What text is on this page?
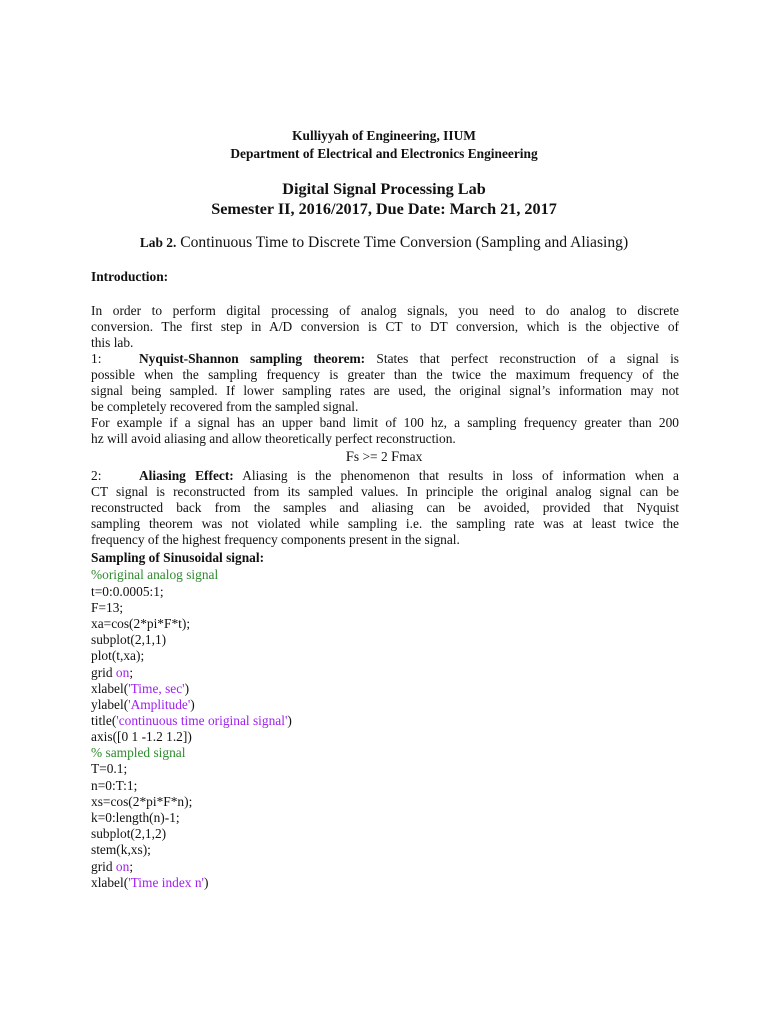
Kulliyyah of Engineering, IIUM
Department of Electrical and Electronics Engineering
Digital Signal Processing Lab
Semester II, 2016/2017, Due Date: March 21, 2017
Lab 2. Continuous Time to Discrete Time Conversion (Sampling and Aliasing)
Introduction:
In order to perform digital processing of analog signals, you need to do analog to discrete
conversion. The first step in A/D conversion is CT to DT conversion, which is the objective of
this lab.
1:	Nyquist-Shannon sampling theorem: States that perfect reconstruction of a signal is
possible when the sampling frequency is greater than the twice the maximum frequency of the
signal being sampled. If lower sampling rates are used, the original signal’s information may not
be completely recovered from the sampled signal.
For example if a signal has an upper band limit of 100 hz, a sampling frequency greater than 200
hz will avoid aliasing and allow theoretically perfect reconstruction.
Fs >= 2 Fmax
2:	Aliasing Effect: Aliasing is the phenomenon that results in loss of information when a
CT signal is reconstructed from its sampled values. In principle the original analog signal can be
reconstructed back from the samples and aliasing can be avoided, provided that Nyquist
sampling theorem was not violated while sampling i.e. the sampling rate was at least twice the
frequency of the highest frequency components present in the signal.
Sampling of Sinusoidal signal:
%original analog signal
t=0:0.0005:1;
F=13;
xa=cos(2*pi*F*t);
subplot(2,1,1)
plot(t,xa);
grid on;
xlabel('Time, sec')
ylabel('Amplitude')
title('continuous time original signal')
axis([0 1 -1.2 1.2])
% sampled signal
T=0.1;
n=0:T:1;
xs=cos(2*pi*F*n);
k=0:length(n)-1;
subplot(2,1,2)
stem(k,xs);
grid on;
xlabel('Time index n')
